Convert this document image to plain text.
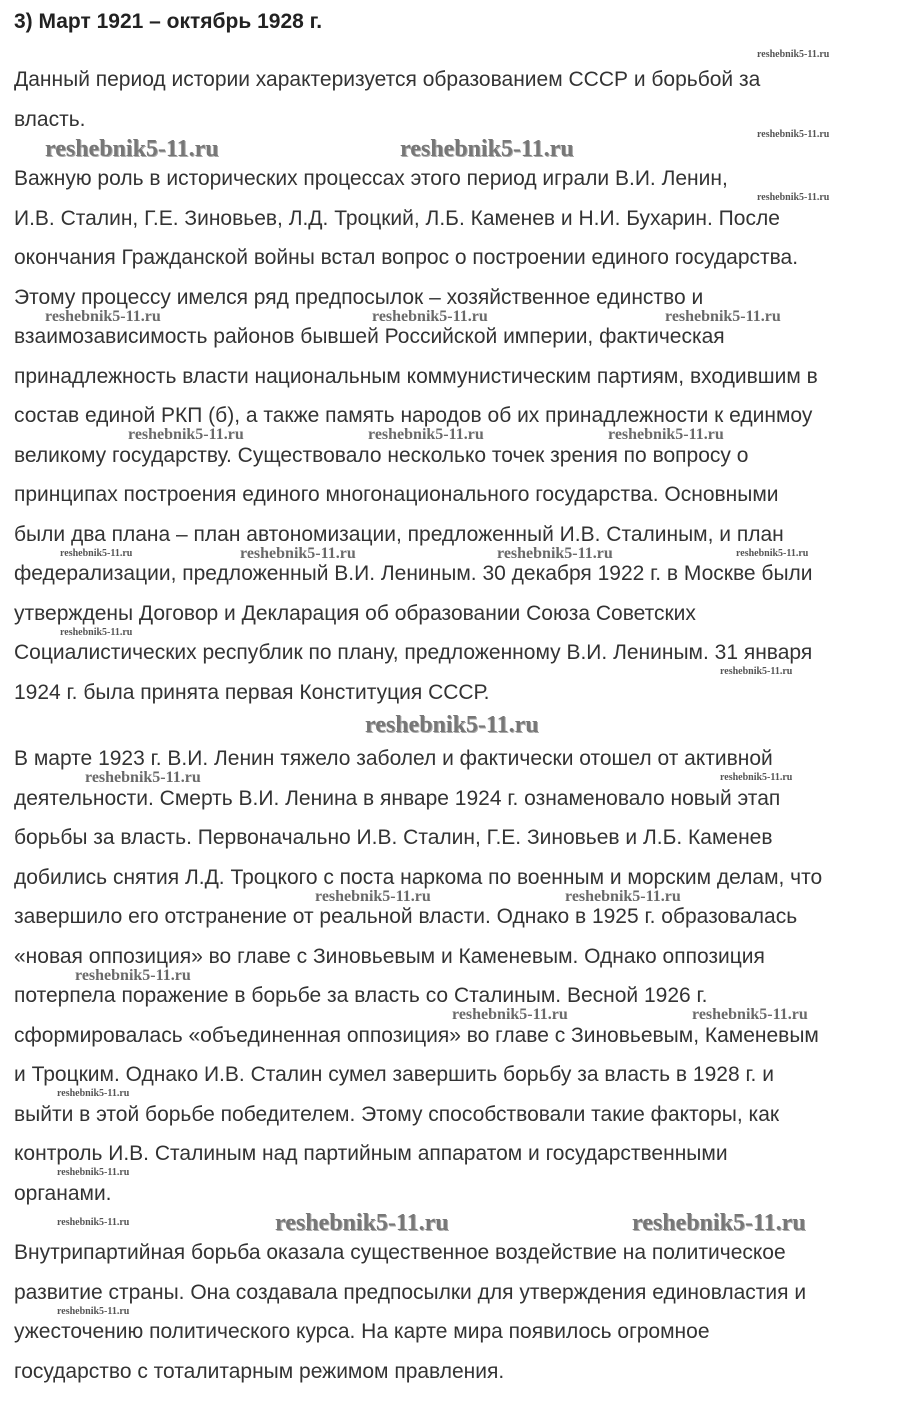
3) Март 1921 – октябрь 1928 г.
Данный период истории характеризуется образованием СССР и борьбой за
власть.
Важную роль в исторических процессах этого период играли В.И. Ленин,
И.В. Сталин, Г.Е. Зиновьев, Л.Д. Троцкий, Л.Б. Каменев и Н.И. Бухарин. После
окончания Гражданской войны встал вопрос о построении единого государства.
Этому процессу имелся ряд предпосылок – хозяйственное единство и
взаимозависимость районов бывшей Российской империи, фактическая
принадлежность власти национальным коммунистическим партиям, входившим в
состав единой РКП (б), а также память народов об их принадлежности к единмоу
великому государству. Существовало несколько точек зрения по вопросу о
принципах построения единого многонационального государства. Основными
были два плана – план автономизации, предложенный И.В. Сталиным, и план
федерализации, предложенный В.И. Лениным. 30 декабря 1922 г. в Москве были
утверждены Договор и Декларация об образовании Союза Советских
Социалистических республик по плану, предложенному В.И. Лениным. 31 января
1924 г. была принята первая Конституция СССР.
В марте 1923 г. В.И. Ленин тяжело заболел и фактически отошел от активной
деятельности. Смерть В.И. Ленина в январе 1924 г. ознаменовало новый этап
борьбы за власть. Первоначально И.В. Сталин, Г.Е. Зиновьев и Л.Б. Каменев
добились снятия Л.Д. Троцкого с поста наркома по военным и морским делам, что
завершило его отстранение от реальной власти. Однако в 1925 г. образовалась
«новая оппозиция» во главе с Зиновьевым и Каменевым. Однако оппозиция
потерпела поражение в борьбе за власть со Сталиным. Весной 1926 г.
сформировалась «объединенная оппозиция» во главе с Зиновьевым, Каменевым
и Троцким. Однако И.В. Сталин сумел завершить борьбу за власть в 1928 г. и
выйти в этой борьбе победителем. Этому способствовали такие факторы, как
контроль И.В. Сталиным над партийным аппаратом и государственными
органами.
Внутрипартийная борьба оказала существенное воздействие на политическое
развитие страны. Она создавала предпосылки для утверждения единовластия и
ужесточению политического курса. На карте мира появилось огромное
государство с тоталитарным режимом правления.
reshebnik5-11.ru
reshebnik5-11.ru
reshebnik5-11.ru
reshebnik5-11.ru	reshebnik5-11.ru
reshebnik5-11.ru	reshebnik5-11.ru	reshebnik5-11.ru
reshebnik5-11.ru	reshebnik5-11.ru	reshebnik5-11.ru
reshebnik5-11.ru	reshebnik5-11.ru	reshebnik5-11.ru
reshebnik5-11.ru
reshebnik5-11.ru
reshebnik5-11.ru
reshebnik5-11.ru
reshebnik5-11.ru	reshebnik5-11.ru
reshebnik5-11.ru	reshebnik5-11.ru
reshebnik5-11.ru
reshebnik5-11.ru	reshebnik5-11.ru
reshebnik5-11.ru
reshebnik5-11.ru
reshebnik5-11.ru	reshebnik5-11.ru
reshebnik5-11.ru
reshebnik5-11.ru
